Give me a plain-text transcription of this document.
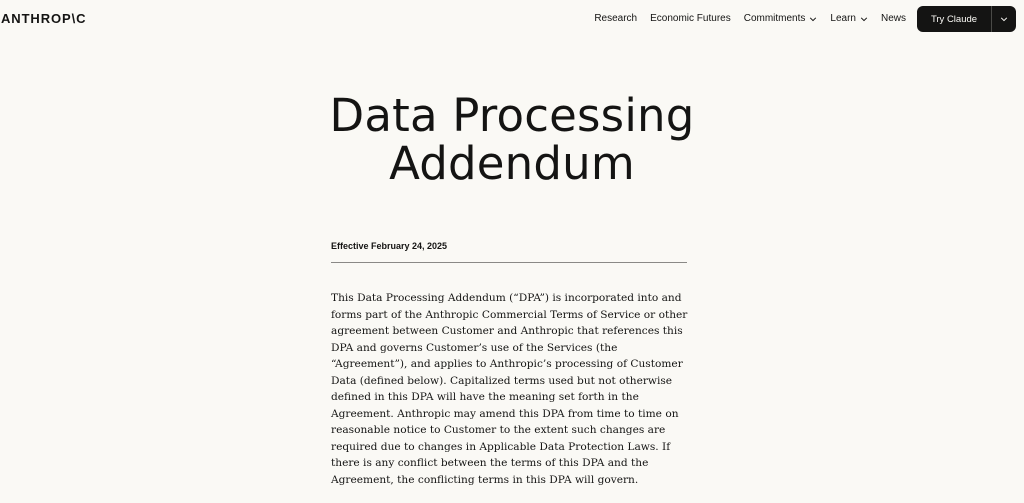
ANTHROP\C	Research Economic Futures Commitments	Learn	News	Try Claude
Data Processing
Addendum
Effective February 24, 2025

This Data Processing Addendum (“DPA”) is incorporated into and forms part of the Anthropic Commercial Terms of Service or other agreement between Customer and Anthropic that references this DPA and governs Customer’s use of the Services (the “Agreement”), and applies to Anthropic’s processing of Customer Data (defined below). Capitalized terms used but not otherwise defined in this DPA will have the meaning set forth in the Agreement. Anthropic may amend this DPA from time to time on reasonable notice to Customer to the extent such changes are required due to changes in Applicable Data Protection Laws. If there is any conflict between the terms of this DPA and the Agreement, the conflicting terms in this DPA will govern.
